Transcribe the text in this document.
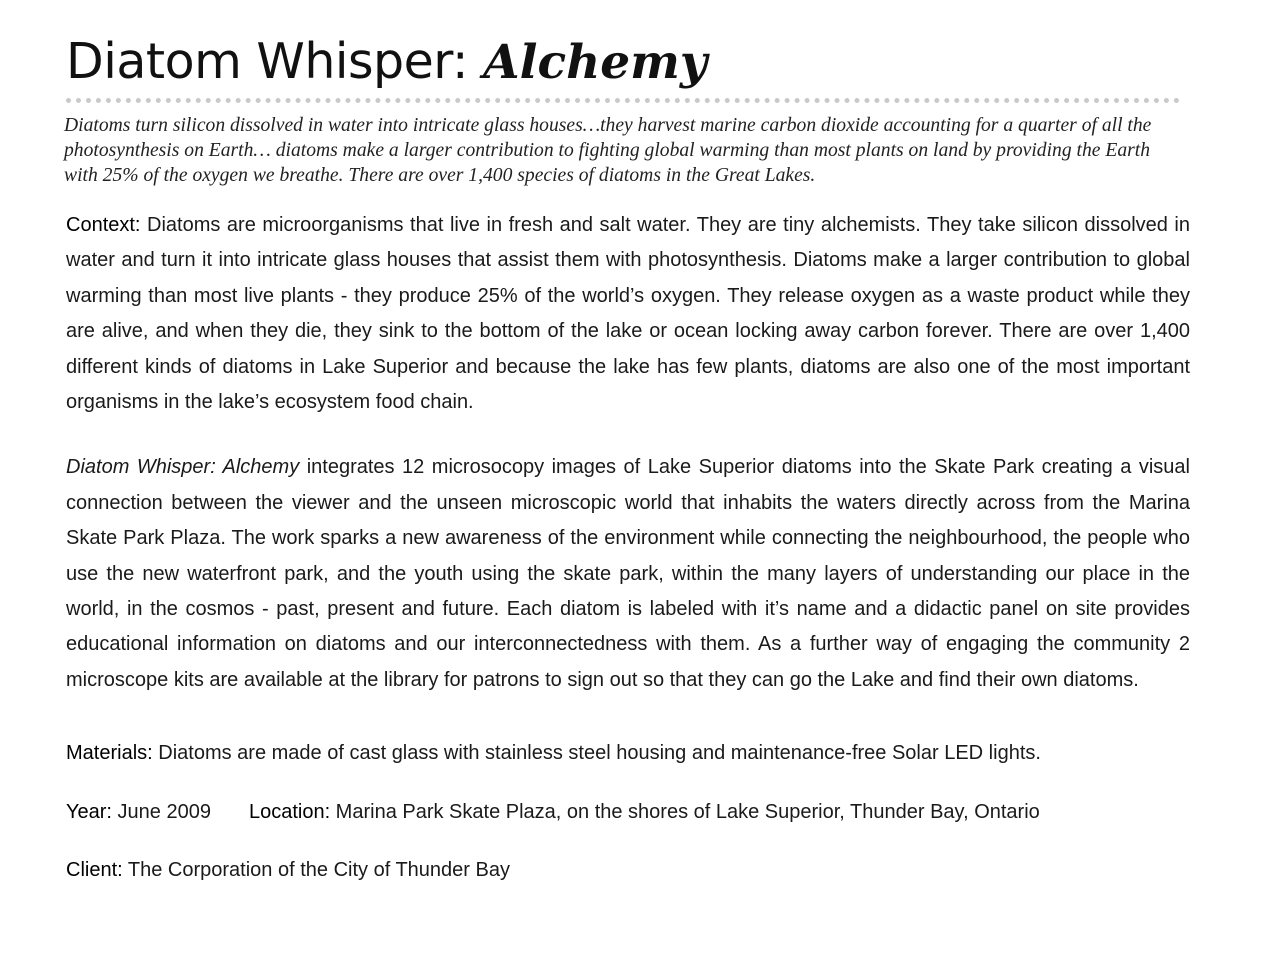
Diatom Whisper: Alchemy

Diatoms turn silicon dissolved in water into intricate glass houses…they harvest marine carbon dioxide accounting for a quarter of all the photosynthesis on Earth… diatoms make a larger contribution to fighting global warming than most plants on land by providing the Earth with 25% of the oxygen we breathe. There are over 1,400 species of diatoms in the Great Lakes.

Context: Diatoms are microorganisms that live in fresh and salt water. They are tiny alchemists. They take silicon dissolved in water and turn it into intricate glass houses that assist them with photosynthesis. Diatoms make a larger contribution to global warming than most live plants - they produce 25% of the world’s oxygen. They release oxygen as a waste product while they are alive, and when they die, they sink to the bottom of the lake or ocean locking away carbon forever. There are over 1,400 different kinds of diatoms in Lake Superior and because the lake has few plants, diatoms are also one of the most important organisms in the lake’s ecosystem food chain.

Diatom Whisper: Alchemy integrates 12 microsocopy images of Lake Superior diatoms into the Skate Park creating a visual connection between the viewer and the unseen microscopic world that inhabits the waters directly across from the Marina Skate Park Plaza. The work sparks a new awareness of the environment while connecting the neighbourhood, the people who use the new waterfront park, and the youth using the skate park, within the many layers of understanding our place in the world, in the cosmos - past, present and future. Each diatom is labeled with it’s name and a didactic panel on site provides educational information on diatoms and our interconnectedness with them. As a further way of engaging the community 2 microscope kits are available at the library for patrons to sign out so that they can go the Lake and find their own diatoms.

Materials: Diatoms are made of cast glass with stainless steel housing and maintenance-free Solar LED lights.

Year: June 2009 Location: Marina Park Skate Plaza, on the shores of Lake Superior, Thunder Bay, Ontario

Client: The Corporation of the City of Thunder Bay
